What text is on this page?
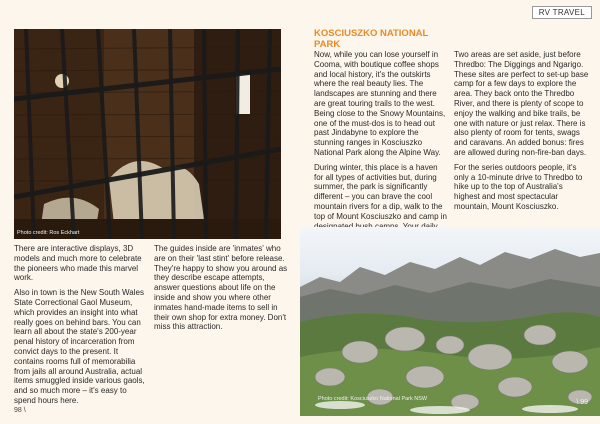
Photo credit: Ros Eckhart

There are interactive displays, 3D models and much more to celebrate the pioneers who made this marvel work.

Also in town is the New South Wales State Correctional Gaol Museum, which provides an insight into what really goes on behind bars. You can learn all about the state's 200-year penal history of incarceration from convict days to the present. It contains rooms full of memorabilia from jails all around Australia, actual items smuggled inside various gaols, and so much more – it's easy to spend hours here.

The guides inside are 'inmates' who are on their 'last stint' before release. They're happy to show you around as they describe escape attempts, answer questions about life on the inside and show you where other inmates hand-made items to sell in their own shop for extra money. Don't miss this attraction.

98 \
RV TRAVEL
KOSCIUSZKO NATIONAL PARK

Now, while you can lose yourself in Cooma, with boutique coffee shops and local history, it's the outskirts where the real beauty lies. The landscapes are stunning and there are great touring trails to the west. Being close to the Snowy Mountains, one of the must-dos is to head out past Jindabyne to explore the stunning ranges in Kosciuszko National Park along the Alpine Way.

During winter, this place is a haven for all types of activities but, during summer, the park is significantly different – you can brave the cool mountain rivers for a dip, walk to the top of Mount Kosciuszko and camp in

Two areas are set aside, just before Thredbo: The Diggings and Ngarigo. These sites are perfect to set-up base camp for a few days to explore the area. They back onto the Thredbo River, and there is plenty of scope to enjoy the walking and bike trails, be one with nature or just relax. There is also plenty of room for tents, swags and caravans. An added bonus: fires are allowed during non-fire-ban days.

For the series outdoors people, it's only a 10-minute drive to Thredbo to hike up to the top of Australia's highest and most spectacular mountain, Mount Kosciuszko.

Photo credit: Kosciuszko National Park NSW	\ 99
